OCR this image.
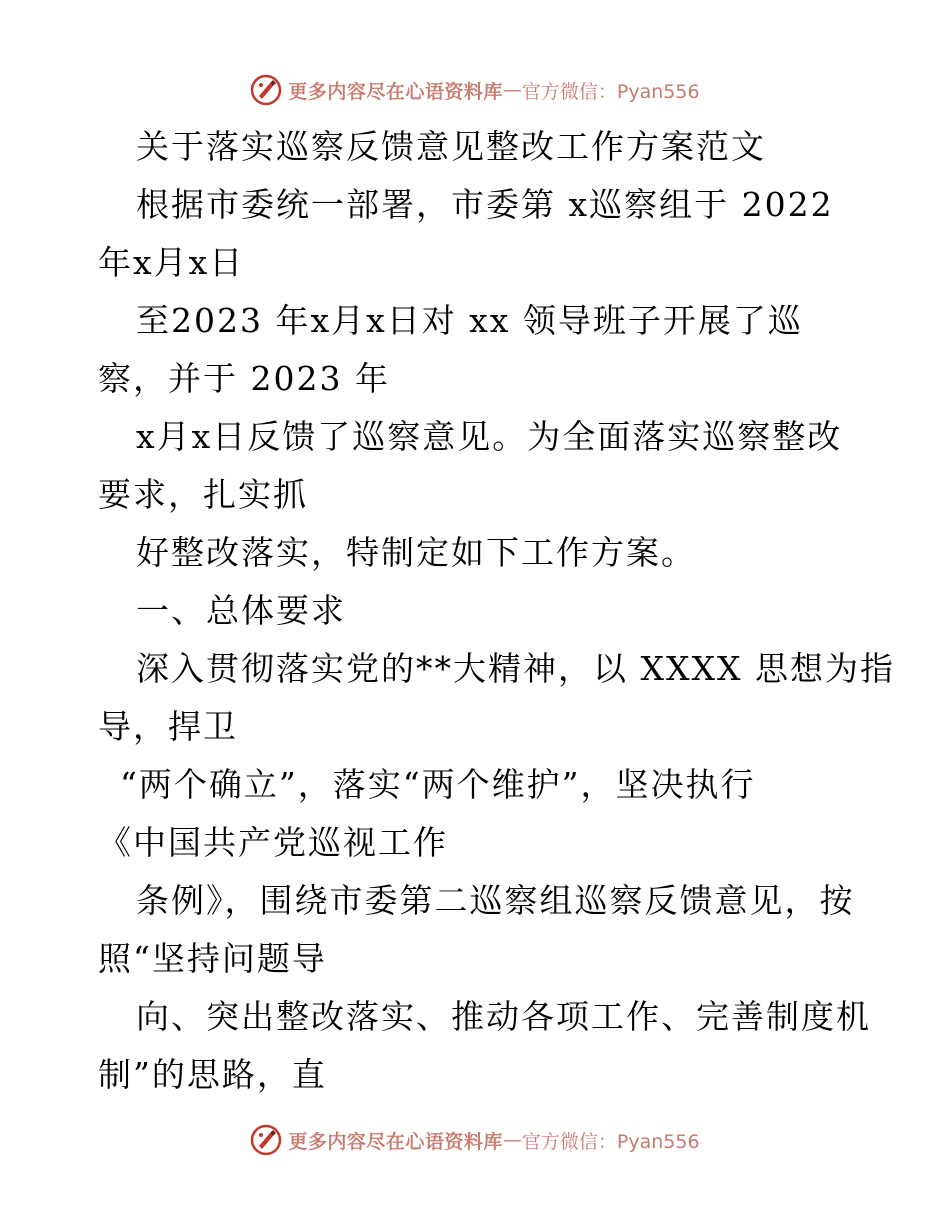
更多内容尽在心语资料库 — 官方微信：Pyan556
关于落实巡察反馈意见整改工作方案范文
根据市委统一部署，市委第 x巡察组于 2022
年x月x日
至2023 年x月x日对 xx 领导班子开展了巡
察，并于 2023 年
x月x日反馈了巡察意见。为全面落实巡察整改
要求，扎实抓
好整改落实，特制定如下工作方案。
一、总体要求
深入贯彻落实党的**大精神，以 XXXX 思想为指
导，捍卫
“两个确立”，落实“两个维护”，坚决执行
《中国共产党巡视工作
条例》，围绕市委第二巡察组巡察反馈意见，按
照“坚持问题导
向、突出整改落实、推动各项工作、完善制度机
制”的思路，直
更多内容尽在心语资料库 — 官方微信：Pyan556
